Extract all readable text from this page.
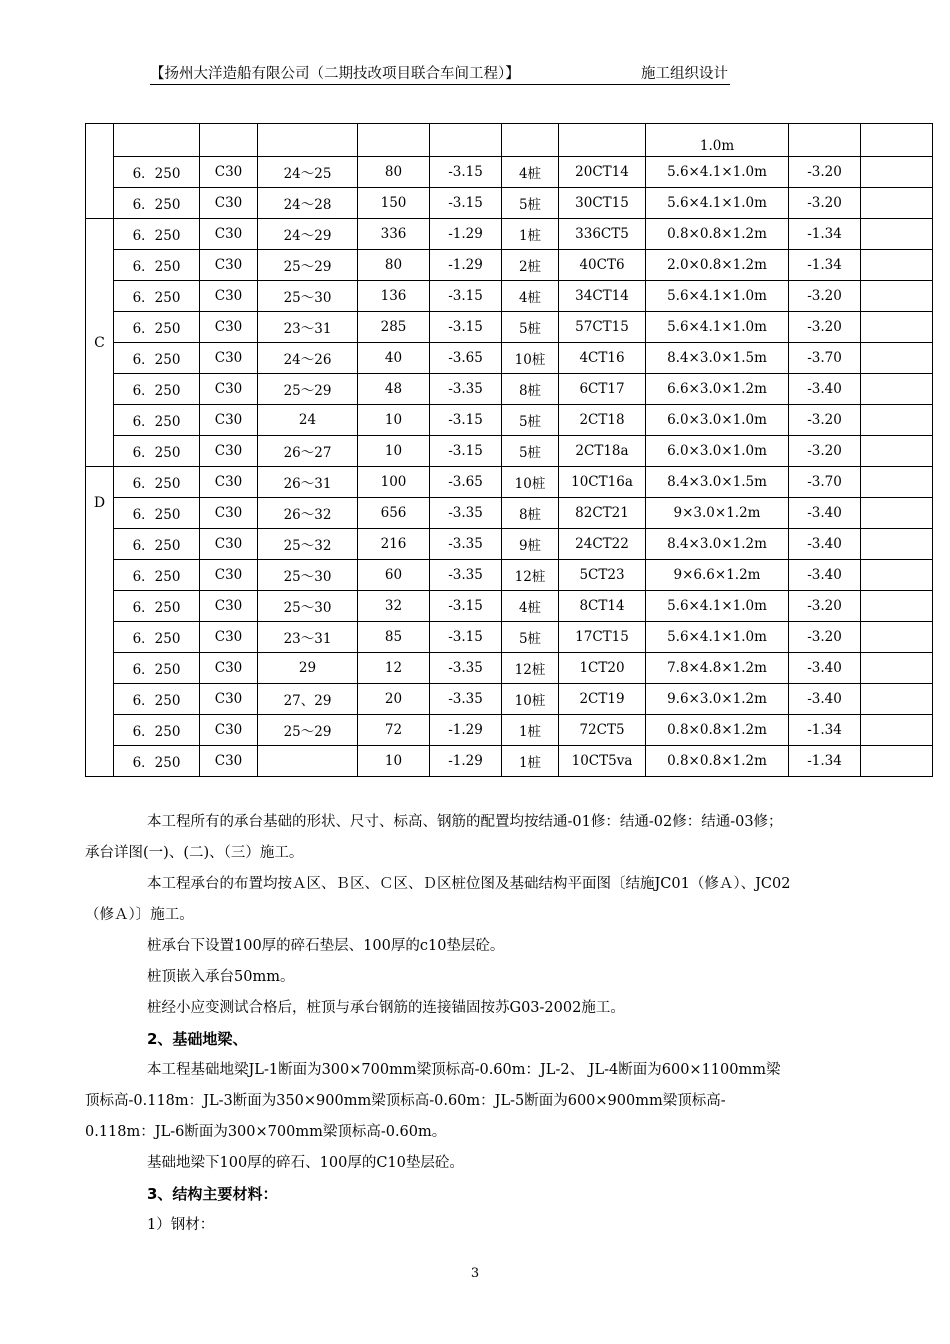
【扬州大洋造船有限公司（二期技改项目联合车间工程）】	施工组织设计
								1.0m		
	6．250	C30	24～25	80	-3.15	4桩	20CT14	5.6×4.1×1.0m	-3.20	
	6．250	C30	24～28	150	-3.15	5桩	30CT15	5.6×4.1×1.0m	-3.20	
C	6．250	C30	24～29	336	-1.29	1桩	336CT5	0.8×0.8×1.2m	-1.34	
	6．250	C30	25～29	80	-1.29	2桩	40CT6	2.0×0.8×1.2m	-1.34	
	6．250	C30	25～30	136	-3.15	4桩	34CT14	5.6×4.1×1.0m	-3.20	
	6．250	C30	23～31	285	-3.15	5桩	57CT15	5.6×4.1×1.0m	-3.20	
	6．250	C30	24～26	40	-3.65	10桩	4CT16	8.4×3.0×1.5m	-3.70	
	6．250	C30	25～29	48	-3.35	8桩	6CT17	6.6×3.0×1.2m	-3.40	
	6．250	C30	24	10	-3.15	5桩	2CT18	6.0×3.0×1.0m	-3.20	
	6．250	C30	26～27	10	-3.15	5桩	2CT18a	6.0×3.0×1.0m	-3.20	
D	6．250	C30	26～31	100	-3.65	10桩	10CT16a	8.4×3.0×1.5m	-3.70	
	6．250	C30	26～32	656	-3.35	8桩	82CT21	9×3.0×1.2m	-3.40	
	6．250	C30	25～32	216	-3.35	9桩	24CT22	8.4×3.0×1.2m	-3.40	
	6．250	C30	25～30	60	-3.35	12桩	5CT23	9×6.6×1.2m	-3.40	
	6．250	C30	25～30	32	-3.15	4桩	8CT14	5.6×4.1×1.0m	-3.20	
	6．250	C30	23～31	85	-3.15	5桩	17CT15	5.6×4.1×1.0m	-3.20	
	6．250	C30	29	12	-3.35	12桩	1CT20	7.8×4.8×1.2m	-3.40	
	6．250	C30	27、29	20	-3.35	10桩	2CT19	9.6×3.0×1.2m	-3.40	
	6．250	C30	25～29	72	-1.29	1桩	72CT5	0.8×0.8×1.2m	-1.34	
	6．250	C30		10	-1.29	1桩	10CT5va	0.8×0.8×1.2m	-1.34	
本工程所有的承台基础的形状、尺寸、标高、钢筋的配置均按结通-01修：结通-02修：结通-03修；
承台详图(一)、(二)、（三）施工。
本工程承台的布置均按Ａ区、Ｂ区、Ｃ区、Ｄ区桩位图及基础结构平面图〔结施JC01（修Ａ）、JC02
（修Ａ）〕施工。
桩承台下设置100厚的碎石垫层、100厚的c10垫层砼。
桩顶嵌入承台50mm。
桩经小应变测试合格后，桩顶与承台钢筋的连接锚固按苏G03-2002施工。
2、基础地梁、
本工程基础地梁JL-1断面为300×700mm梁顶标高-0.60m：JL-2、 JL-4断面为600×1100mm梁
顶标高-0.118m：JL-3断面为350×900mm梁顶标高-0.60m：JL-5断面为600×900mm梁顶标高-
0.118m：JL-6断面为300×700mm梁顶标高-0.60m。
基础地梁下100厚的碎石、100厚的C10垫层砼。
3、结构主要材料：
1）钢材：
3
